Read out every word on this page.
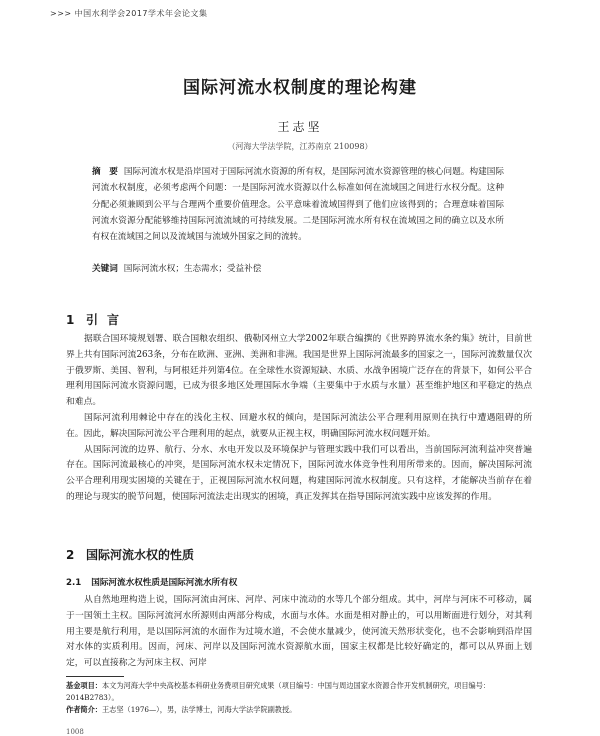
>>> 中国水利学会2017学术年会论文集
国际河流水权制度的理论构建
王志坚
（河海大学法学院，江苏南京 210098）
摘　要 国际河流水权是沿岸国对于国际河流水资源的所有权，是国际河流水资源管理的核心问题。构建国际河流水权制度，必须考虑两个问题：一是国际河流水资源以什么标准如何在流域国之间进行水权分配。这种分配必须兼顾到公平与合理两个重要价值理念。公平意味着流域国得到了他们应该得到的；合理意味着国际河流水资源分配能够维持国际河流流域的可持续发展。二是国际河流水所有权在流域国之间的确立以及水所有权在流域国之间以及流域国与流域外国家之间的流转。
关键词 国际河流水权；生态需水；受益补偿
1 引言

据联合国环境规划署、联合国粮农组织、俄勒冈州立大学2002年联合编撰的《世界跨界流水条约集》统计，目前世界上共有国际河流263条，分布在欧洲、亚洲、美洲和非洲。我国是世界上国际河流最多的国家之一，国际河流数量仅次于俄罗斯、美国、智利，与阿根廷并列第4位。在全球性水资源短缺、水质、水战争困境广泛存在的背景下，如何公平合理利用国际河流水资源问题，已成为很多地区处理国际水争端（主要集中于水质与水量）甚至维护地区和平稳定的热点和难点。

国际河流利用棘论中存在的浅化主权、回避水权的倾向，是国际河流法公平合理利用原则在执行中遭遇阻碍的所在。因此，解决国际河流公平合理利用的起点，就要从正视主权，明确国际河流水权问题开始。

从国际河流的边界、航行、分水、水电开发以及环境保护与管理实践中我们可以看出，当前国际河流利益冲突普遍存在。国际河流最核心的冲突，是国际河流水权未定情况下，国际河流水体竞争性利用所带来的。因而，解决国际河流公平合理利用现实困境的关键在于，正视国际河流水权问题，构建国际河流水权制度。只有这样，才能解决当前存在着的理论与现实的脱节问题，使国际河流法走出现实的困境，真正发挥其在指导国际河流实践中应该发挥的作用。

2 国际河流水权的性质
2.1 国际河流水权性质是国际河流水所有权

从自然地理构造上说，国际河流由河床、河岸、河床中流动的水等几个部分组成。其中，河岸与河床不可移动，属于一国领土主权。国际河流河水所源则由两部分构成，水面与水体。水面是相对静止的，可以用断面进行划分，对其利用主要是航行利用，是以国际河流的水面作为过境水道，不会使水量减少，使河流天然形状变化，也不会影响到沿岸国对水体的实质利用。因而，河床、河岸以及国际河流水资源航水面，国家主权都是比较好确定的，都可以从界面上划定，可以直接称之为河床主权、河岸

基金项目：本文为河海大学中央高校基本科研业务费项目研究成果（项目编号：中国与周边国家水资源合作开发机制研究，项目编号：2014B2783）。

作者简介：王志坚（1976—），男，法学博士，河海大学法学院副教授。

1008
